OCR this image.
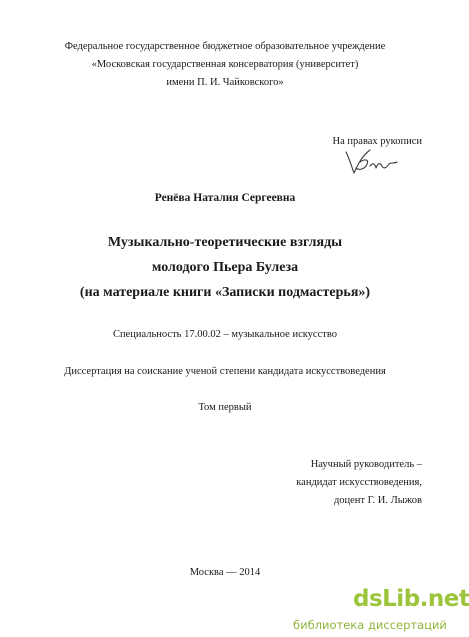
Федеральное государственное бюджетное образовательное учреждение
«Московская государственная консерватория (университет)
имени П. И. Чайковского»
На правах рукописи
Ренёва Наталия Сергеевна
Музыкально-теоретические взгляды
молодого Пьера Булеза
(на материале книги «Записки подмастерья»)
Специальность 17.00.02 – музыкальное искусство
Диссертация на соискание ученой степени кандидата искусствоведения
Том первый
Научный руководитель –
кандидат искусствоведения,
доцент Г. И. Лыжов
Москва — 2014
dsLib.net
библиотека диссертаций
